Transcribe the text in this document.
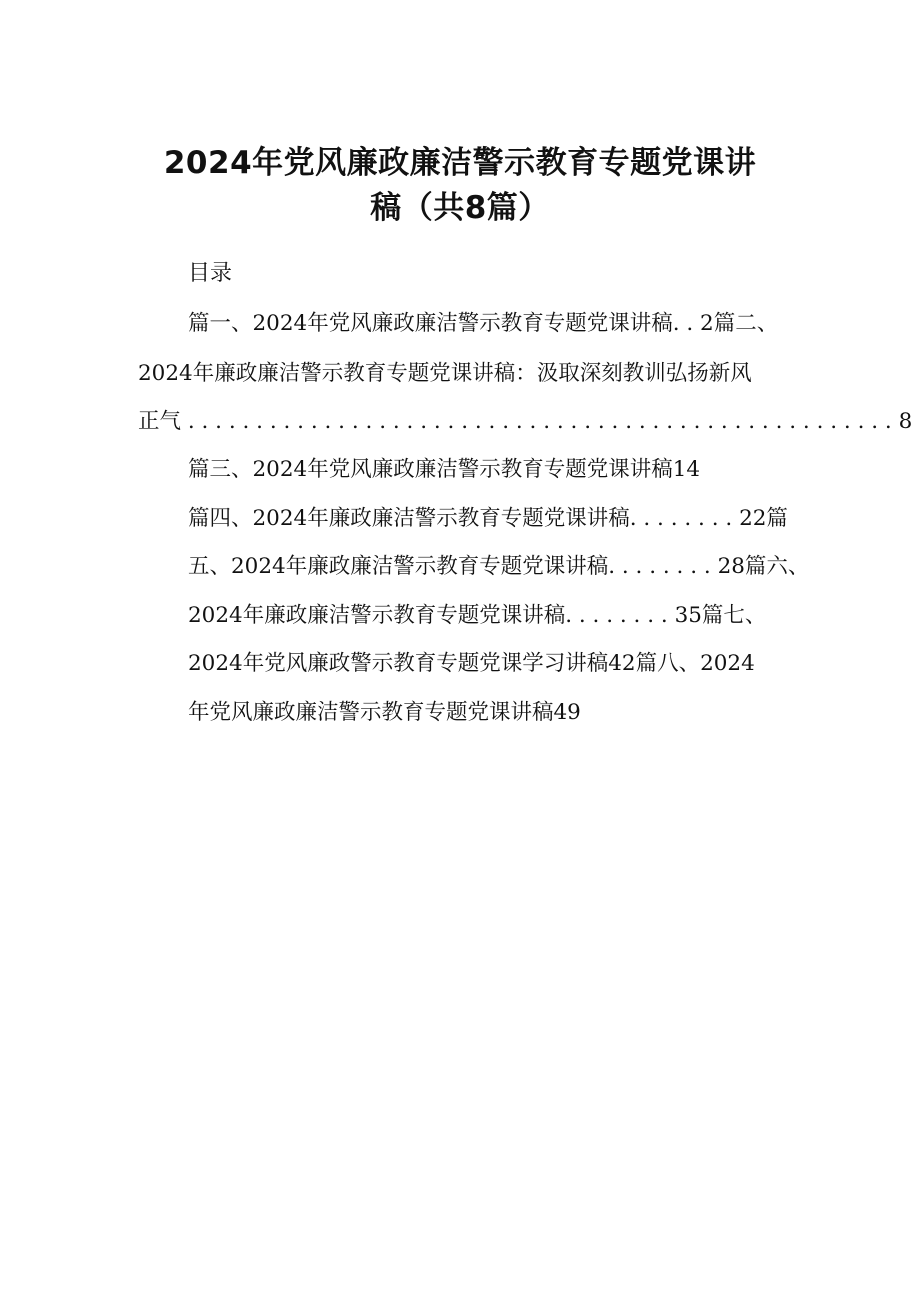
2024年党风廉政廉洁警示教育专题党课讲
稿（共8篇）

目录

篇一、2024年党风廉政廉洁警示教育专题党课讲稿. . 2篇二、

2024年廉政廉洁警示教育专题党课讲稿：汲取深刻教训弘扬新风

正气 . . . . . . . . . . . . . . . . . . . . . . . . . . . . . . . . . . . . . . . . . . . . . . . . . . . . 8

篇三、2024年党风廉政廉洁警示教育专题党课讲稿14

篇四、2024年廉政廉洁警示教育专题党课讲稿. . . . . . . . 22篇

五、2024年廉政廉洁警示教育专题党课讲稿. . . . . . . . 28篇六、

2024年廉政廉洁警示教育专题党课讲稿. . . . . . . . 35篇七、

2024年党风廉政警示教育专题党课学习讲稿42篇八、2024

年党风廉政廉洁警示教育专题党课讲稿49
